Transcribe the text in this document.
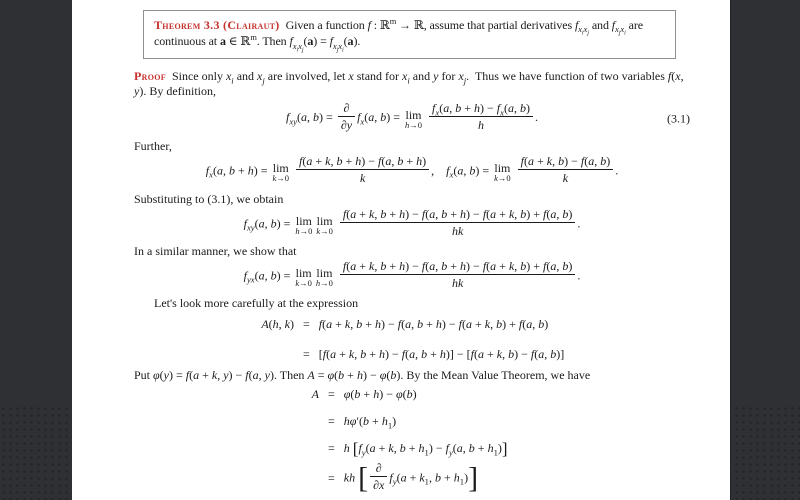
Theorem 3.3 (Clairaut) Given a function f : ℝ$^m$ → ℝ, assume that partial derivatives $f_{x_ix_j}$ and $f_{x_jx_i}$ are continuous at a ∈ ℝ$^m$. Then $f_{x_ix_j}(a) = f_{x_jx_i}(a)$.

Proof Since only $x_i$ and $x_j$ are involved, let x stand for $x_i$ and y for $x_j$.  Thus we have function of two variables f(x, y). By definition,

$f_{xy}(a$, $b) = \frac{\partial}{\partial y} f_x(a$, b) = lim
h→0
$\frac{f_x(a, b + h) - f_x(a, b)}{h}$ .	(3.1)

Further,

$f_x(a$, b + h) = lim
k→0
$\frac{f(a + k, b + h) - f(a, b + h)}{k}$ ,    $f_x(a$, b) = lim
k→0
$\frac{f(a + k, b) - f(a, b)}{k}$ .

Substituting to (3.1), we obtain

$f_{xy}(a$, b) = lim
h→0
lim
k→0
$\frac{f(a + k, b + h) - f(a, b + h) - f(a + k, b) + f(a, b)}{hk}$ .

In a similar manner, we show that

$f_{yx}(a$, b) = lim
k→0
lim
h→0
$\frac{f(a + k, b + h) - f(a, b + h) - f(a + k, b) + f(a, b)}{hk}$ .

Let's look more carefully at the expression

A(h, k) = f(a + k, b + h) − f(a, b + h) − f(a + k, b) + f(a, b)
= [f(a + k, b + h) − f(a, b + h)] − [f(a + k, b) − f(a, b)]

Put φ(y) = f(a + k, y) − f(a, y). Then A = φ(b + h) − φ(b). By the Mean Value Theorem, we have

A = φ(b + h) − φ(b)
= $h\varphi'(b + h_1)$
= h [$f_y(a + k$, $b + h_1) - f_y(a$, $b + h_1$)]
= kh [ $\frac{\partial}{\partial x} f_y(a + k_1$, $b + h_1$)]
